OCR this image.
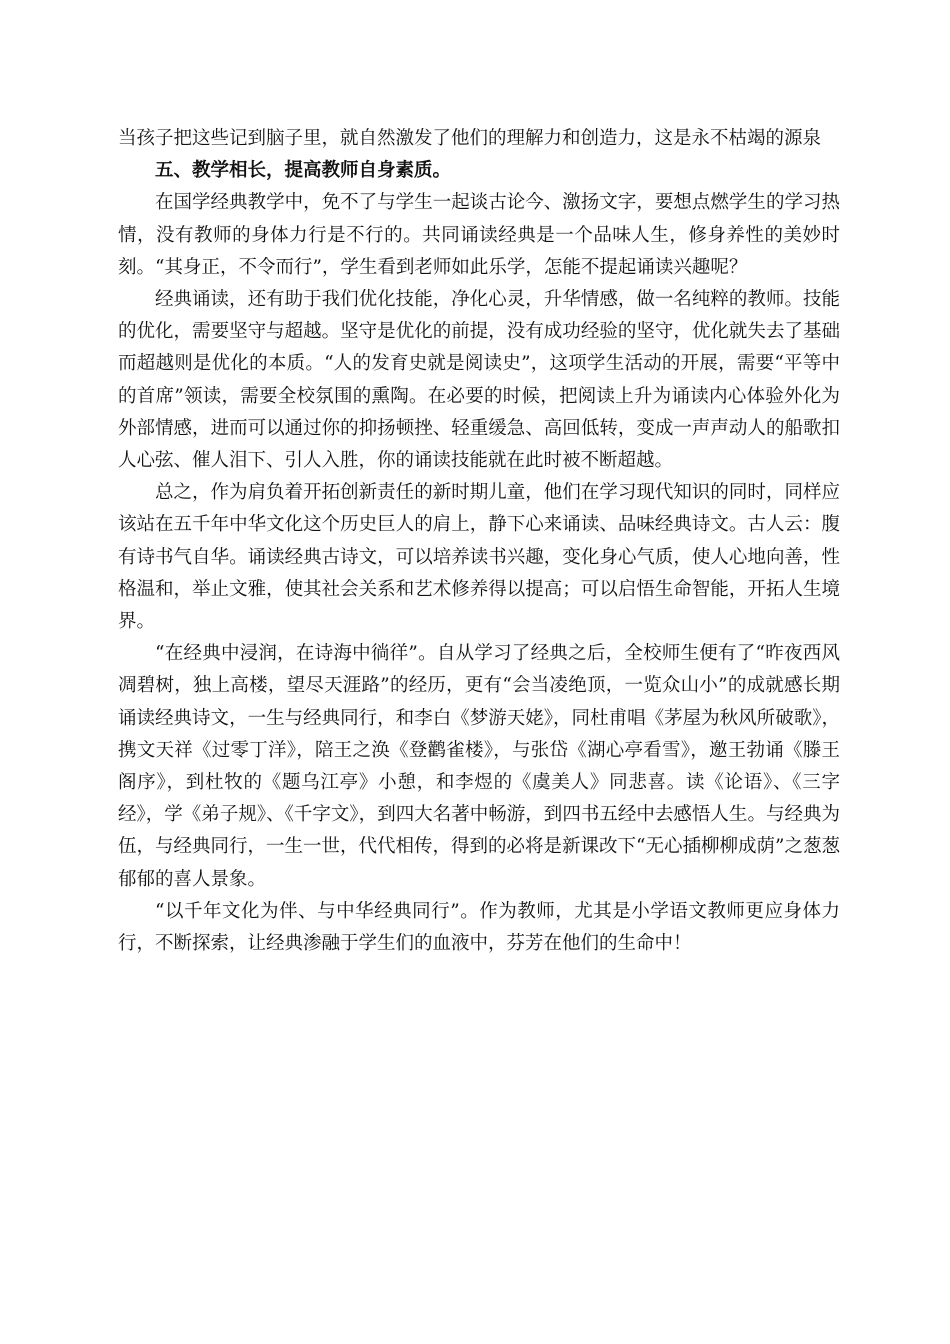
当孩子把这些记到脑子里，就自然激发了他们的理解力和创造力，这是永不枯竭的源泉

五、教学相长，提高教师自身素质。

在国学经典教学中，免不了与学生一起谈古论今、激扬文字，要想点燃学生的学习热情，没有教师的身体力行是不行的。共同诵读经典是一个品味人生，修身养性的美妙时刻。“其身正，不令而行”，学生看到老师如此乐学，怎能不提起诵读兴趣呢？

经典诵读，还有助于我们优化技能，净化心灵，升华情感，做一名纯粹的教师。技能的优化，需要坚守与超越。坚守是优化的前提，没有成功经验的坚守，优化就失去了基础而超越则是优化的本质。“人的发育史就是阅读史”，这项学生活动的开展，需要“平等中的首席”领读，需要全校氛围的熏陶。在必要的时候，把阅读上升为诵读内心体验外化为外部情感，进而可以通过你的抑扬顿挫、轻重缓急、高回低转，变成一声声动人的船歌扣人心弦、催人泪下、引人入胜，你的诵读技能就在此时被不断超越。

总之，作为肩负着开拓创新责任的新时期儿童，他们在学习现代知识的同时，同样应该站在五千年中华文化这个历史巨人的肩上，静下心来诵读、品味经典诗文。古人云：腹有诗书气自华。诵读经典古诗文，可以培养读书兴趣，变化身心气质，使人心地向善，性格温和，举止文雅，使其社会关系和艺术修养得以提高；可以启悟生命智能，开拓人生境界。

“在经典中浸润，在诗海中徜徉”。自从学习了经典之后，全校师生便有了“昨夜西风凋碧树，独上高楼，望尽天涯路”的经历，更有“会当凌绝顶，一览众山小”的成就感长期诵读经典诗文，一生与经典同行，和李白《梦游天姥》，同杜甫唱《茅屋为秋风所破歌》，携文天祥《过零丁洋》，陪王之涣《登鹳雀楼》，与张岱《湖心亭看雪》，邀王勃诵《滕王阁序》，到杜牧的《题乌江亭》小憩，和李煜的《虞美人》同悲喜。读《论语》、《三字经》，学《弟子规》、《千字文》，到四大名著中畅游，到四书五经中去感悟人生。与经典为伍，与经典同行，一生一世，代代相传，得到的必将是新课改下“无心插柳柳成荫”之葱葱郁郁的喜人景象。

“以千年文化为伴、与中华经典同行”。作为教师，尤其是小学语文教师更应身体力行，不断探索，让经典渗融于学生们的血液中，芬芳在他们的生命中！
